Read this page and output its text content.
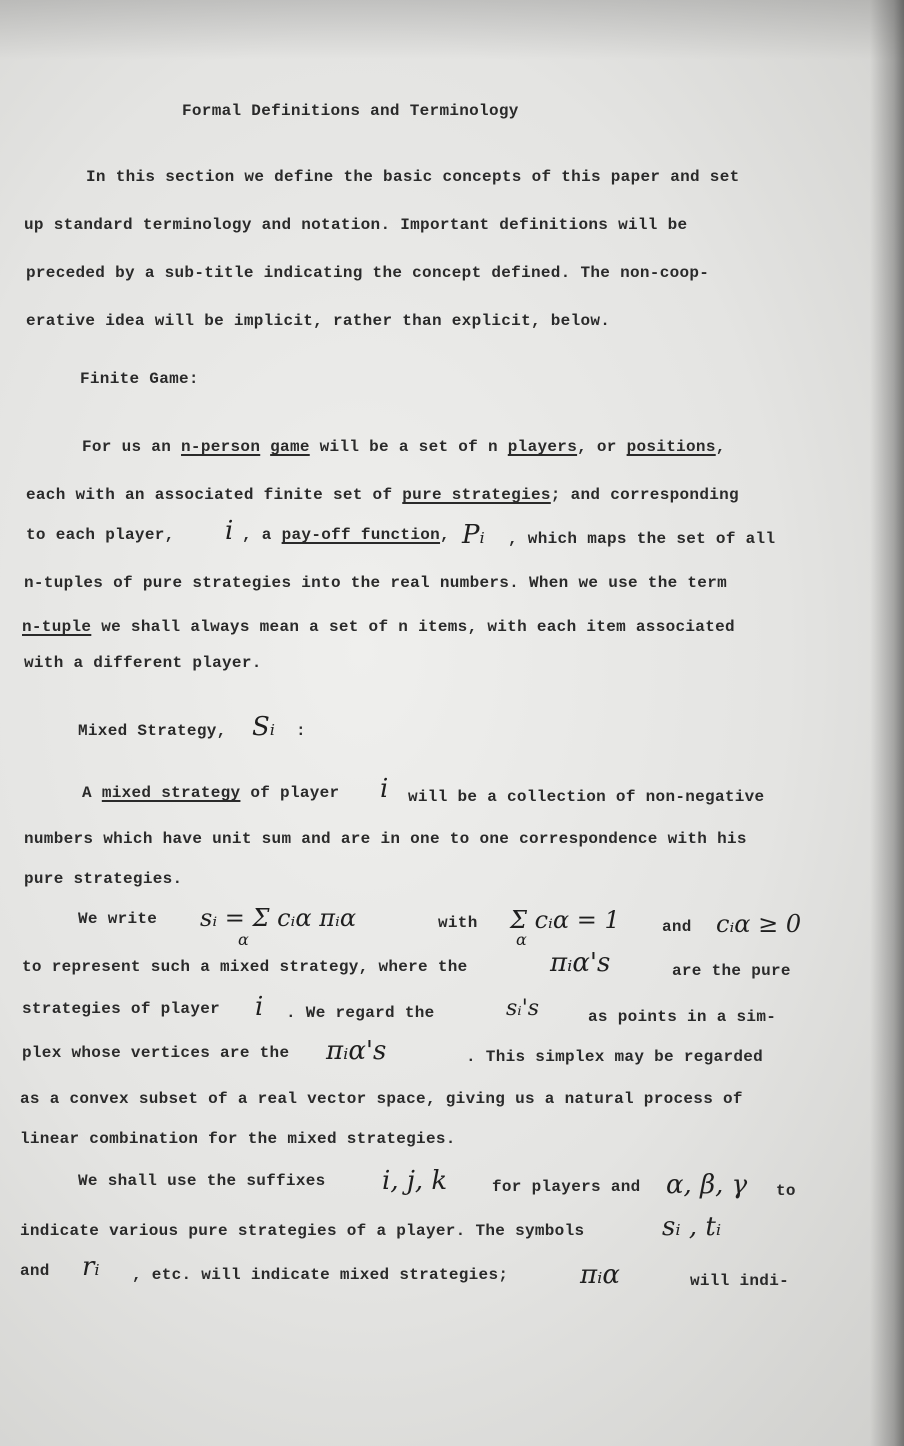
Formal Definitions and Terminology
In this section we define the basic concepts of this paper and set
up standard terminology and notation. Important definitions will be
preceded by a sub-title indicating the concept defined. The non-coop-
erative idea will be implicit, rather than explicit, below.
Finite Game:
For us an n-person game will be a set of n players, or positions,
each with an associated finite set of pure strategies; and corresponding
to each player, i , a pay-off function, Pᵢ , which maps the set of all
n-tuples of pure strategies into the real numbers. When we use the term
n-tuple we shall always mean a set of n items, with each item associated
with a different player.
Mixed Strategy, Sᵢ :
A mixed strategy of player i will be a collection of non-negative
numbers which have unit sum and are in one to one correspondence with his
pure strategies.
We write sᵢ = Σ cᵢα πᵢα
α
with Σ cᵢα = 1
α
and cᵢα ≥ 0
to represent such a mixed strategy, where the	πᵢα's	are the pure
strategies of player i . We regard the	sᵢ's	as points in a sim-
plex whose vertices are the πᵢα's	. This simplex may be regarded
as a convex subset of a real vector space, giving us a natural process of
linear combination for the mixed strategies.
We shall use the suffixes i, j, k	for players and α, β, γ to
indicate various pure strategies of a player. The symbols	sᵢ , tᵢ
and rᵢ , etc. will indicate mixed strategies;	πᵢα	will indi-
